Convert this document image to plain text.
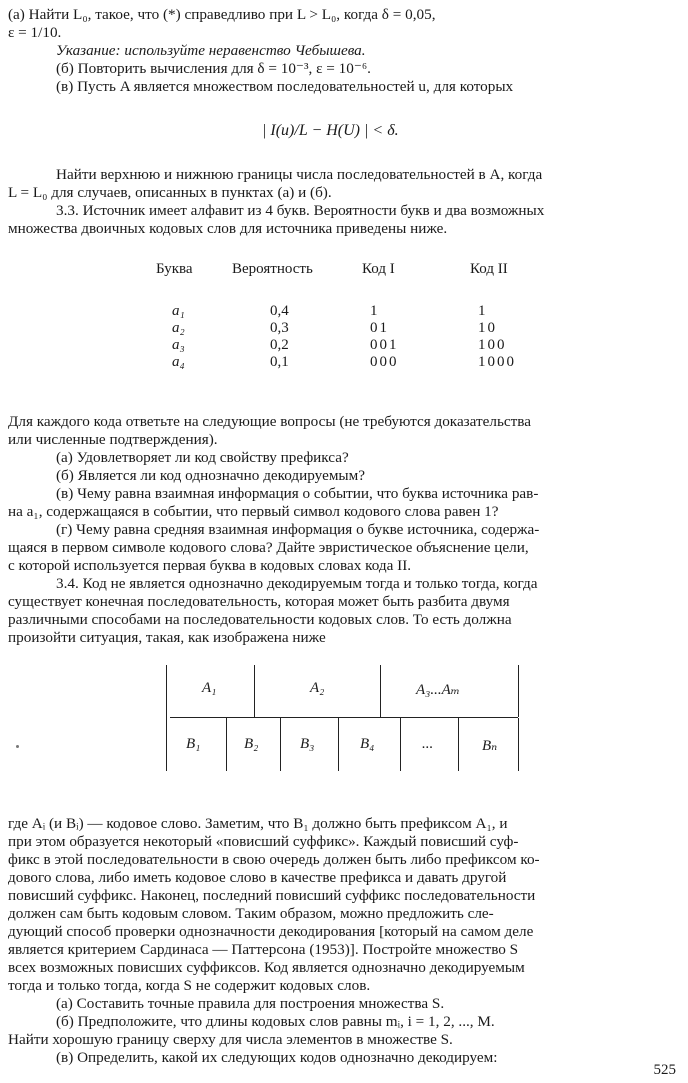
(а) Найти L₀, такое, что (*) справедливо при L > L₀, когда δ = 0,05,
ε = 1/10.
Указание: используйте неравенство Чебышева.
(б) Повторить вычисления для δ = 10⁻³, ε = 10⁻⁶.
(в) Пусть A является множеством последовательностей u, для которых
| I(u)/L − H(U) | < δ.
Найти верхнюю и нижнюю границы числа последовательностей в A, когда
L = L₀ для случаев, описанных в пунктах (а) и (б).
3.3. Источник имеет алфавит из 4 букв. Вероятности букв и два возможных
множества двоичных кодовых слов для источника приведены ниже.
Буква	Вероятность	Код I	Код II
a₁	0,4	1	1
a₂	0,3	01	10
a₃	0,2	001	100
a₄	0,1	000	1000
Для каждого кода ответьте на следующие вопросы (не требуются доказательства
или численные подтверждения).
(а) Удовлетворяет ли код свойству префикса?
(б) Является ли код однозначно декодируемым?
(в) Чему равна взаимная информация о событии, что буква источника рав-
на a₁, содержащаяся в событии, что первый символ кодового слова равен 1?
(г) Чему равна средняя взаимная информация о букве источника, содержа-
щаяся в первом символе кодового слова? Дайте эвристическое объяснение цели,
с которой используется первая буква в кодовых словах кода II.
3.4. Код не является однозначно декодируемым тогда и только тогда, когда
существует конечная последовательность, которая может быть разбита двумя
различными способами на последовательности кодовых слов. То есть должна
произойти ситуация, такая, как изображена ниже
A₁	A₂	A₃...Aₘ
B₁	B₂	B₃	B₄	...	Bₙ
где Aᵢ (и Bᵢ) — кодовое слово. Заметим, что B₁ должно быть префиксом A₁, и
при этом образуется некоторый «повисший суффикс». Каждый повисший суф-
фикс в этой последовательности в свою очередь должен быть либо префиксом ко-
дового слова, либо иметь кодовое слово в качестве префикса и давать другой
повисший суффикс. Наконец, последний повисший суффикс последовательности
должен сам быть кодовым словом. Таким образом, можно предложить сле-
дующий способ проверки однозначности декодирования [который на самом деле
является критерием Сардинаса — Паттерсона (1953)]. Постройте множество S
всех возможных повисших суффиксов. Код является однозначно декодируемым
тогда и только тогда, когда S не содержит кодовых слов.
(а) Составить точные правила для построения множества S.
(б) Предположите, что длины кодовых слов равны mᵢ, i = 1, 2, ..., M.
Найти хорошую границу сверху для числа элементов в множестве S.
(в) Определить, какой их следующих кодов однозначно декодируем:
525
